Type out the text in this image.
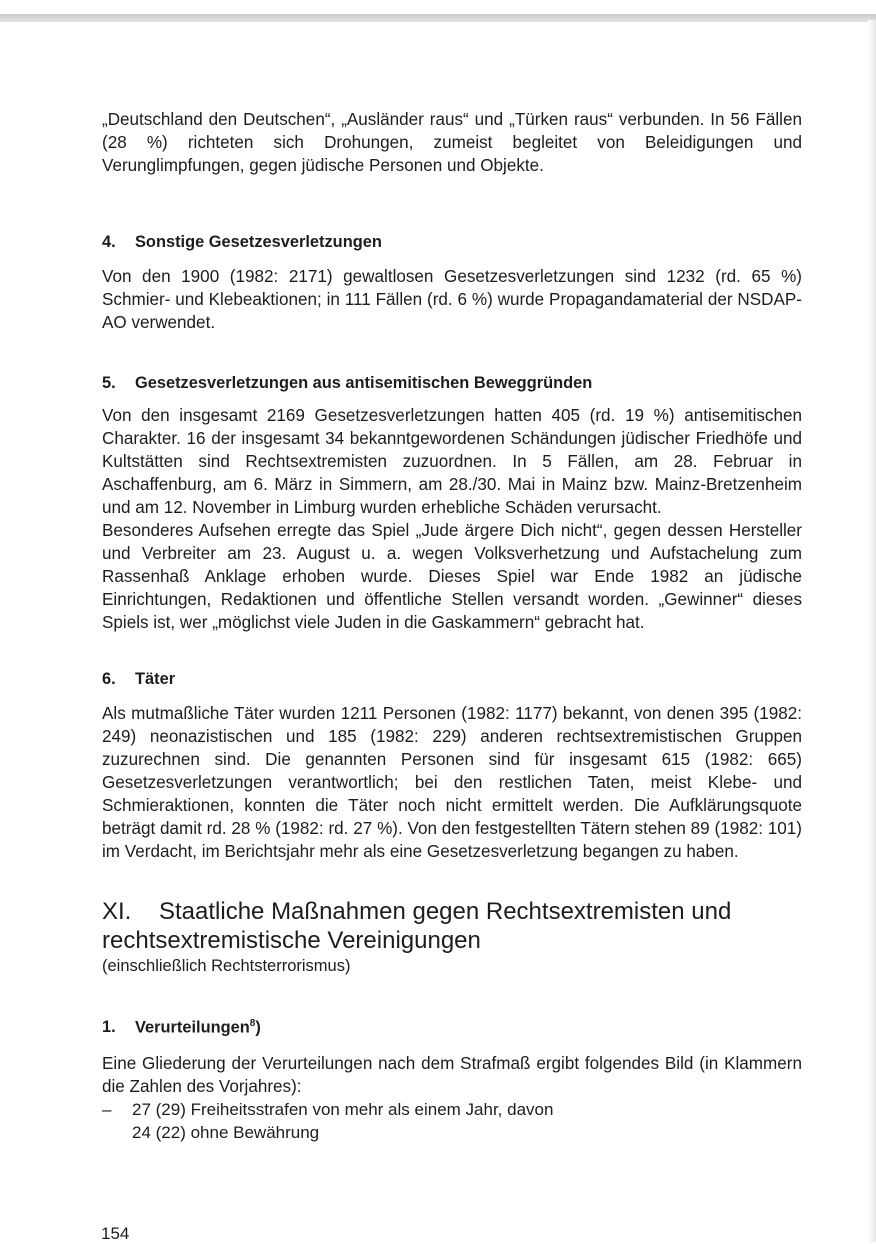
„Deutschland den Deutschen“, „Ausländer raus“ und „Türken raus“ verbunden. In 56 Fällen (28 %) richteten sich Drohungen, zumeist begleitet von Beleidigungen und Verunglimpfungen, gegen jüdische Personen und Objekte.

4. Sonstige Gesetzesverletzungen

Von den 1900 (1982: 2171) gewaltlosen Gesetzesverletzungen sind 1232 (rd. 65 %) Schmier- und Klebeaktionen; in 111 Fällen (rd. 6 %) wurde Propagandamaterial der NSDAP-AO verwendet.

5. Gesetzesverletzungen aus antisemitischen Beweggründen

Von den insgesamt 2169 Gesetzesverletzungen hatten 405 (rd. 19 %) antisemitischen Charakter. 16 der insgesamt 34 bekanntgewordenen Schändungen jüdischer Friedhöfe und Kultstätten sind Rechtsextremisten zuzuordnen. In 5 Fällen, am 28. Februar in Aschaffenburg, am 6. März in Simmern, am 28./30. Mai in Mainz bzw. Mainz-Bretzenheim und am 12. November in Limburg wurden erhebliche Schäden verursacht.

Besonderes Aufsehen erregte das Spiel „Jude ärgere Dich nicht“, gegen dessen Hersteller und Verbreiter am 23. August u. a. wegen Volksverhetzung und Aufstachelung zum Rassenhaß Anklage erhoben wurde. Dieses Spiel war Ende 1982 an jüdische Einrichtungen, Redaktionen und öffentliche Stellen versandt worden. „Gewinner“ dieses Spiels ist, wer „möglichst viele Juden in die Gaskammern“ gebracht hat.

6. Täter

Als mutmaßliche Täter wurden 1211 Personen (1982: 1177) bekannt, von denen 395 (1982: 249) neonazistischen und 185 (1982: 229) anderen rechtsextremistischen Gruppen zuzurechnen sind. Die genannten Personen sind für insgesamt 615 (1982: 665) Gesetzesverletzungen verantwortlich; bei den restlichen Taten, meist Klebe- und Schmieraktionen, konnten die Täter noch nicht ermittelt werden. Die Aufklärungsquote beträgt damit rd. 28 % (1982: rd. 27 %). Von den festgestellten Tätern stehen 89 (1982: 101) im Verdacht, im Berichtsjahr mehr als eine Gesetzesverletzung begangen zu haben.

XI. Staatliche Maßnahmen gegen Rechtsextremisten und
rechtsextremistische Vereinigungen
(einschließlich Rechtsterrorismus)
1. Verurteilungen$^8$)

Eine Gliederung der Verurteilungen nach dem Strafmaß ergibt folgendes Bild (in Klammern die Zahlen des Vorjahres):

– 27 (29) Freiheitsstrafen von mehr als einem Jahr, davon
24 (22) ohne Bewährung
154
